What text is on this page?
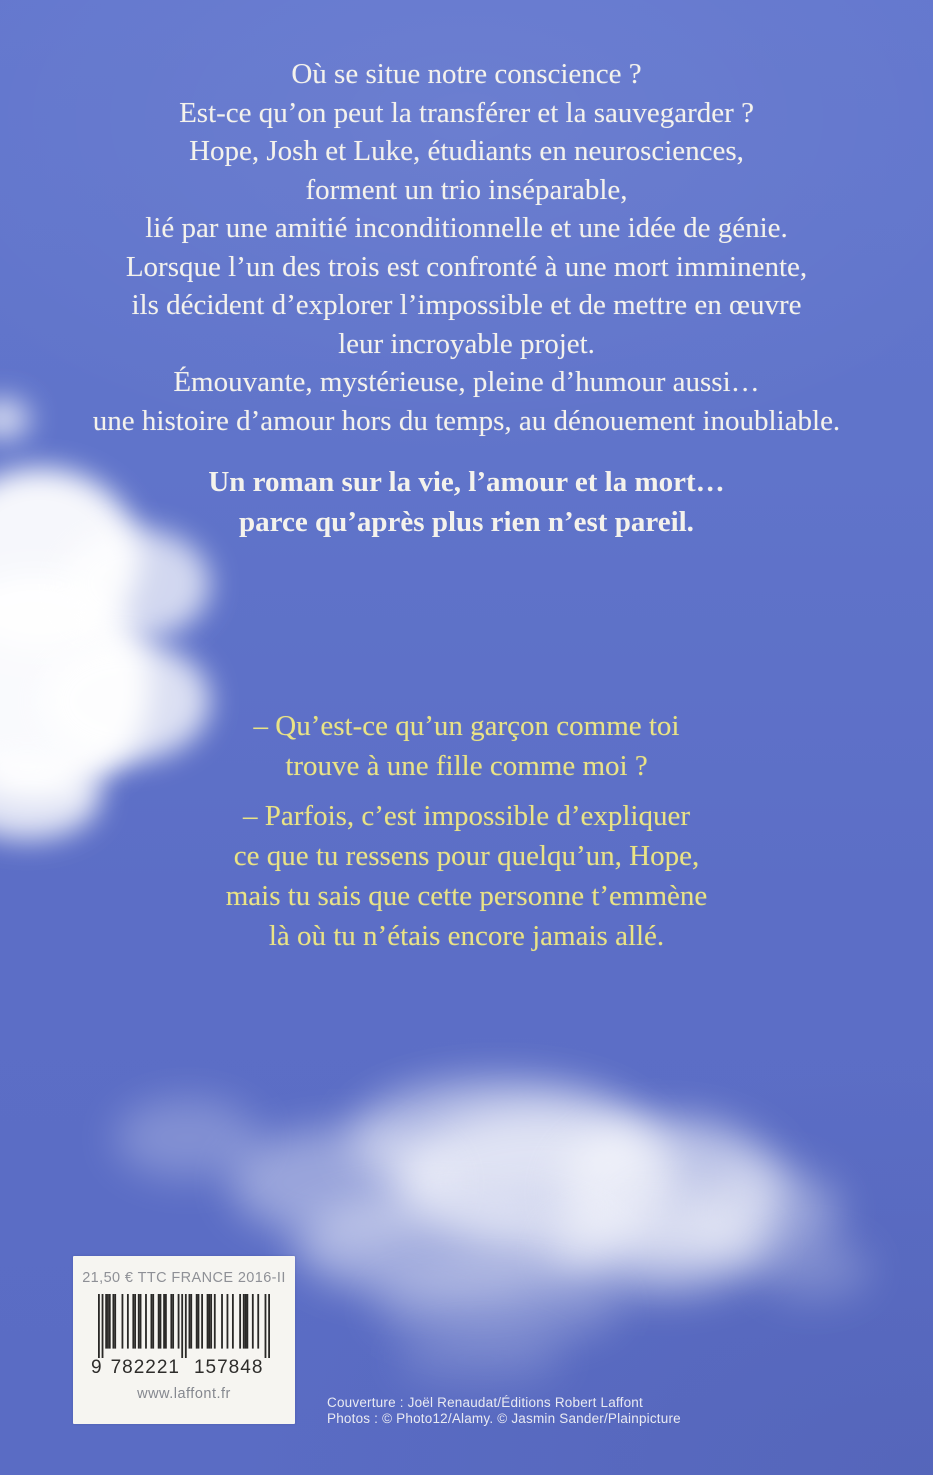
Où se situe notre conscience ?
Est-ce qu’on peut la transférer et la sauvegarder ?
Hope, Josh et Luke, étudiants en neurosciences,
forment un trio inséparable,
lié par une amitié inconditionnelle et une idée de génie.
Lorsque l’un des trois est confronté à une mort imminente,
ils décident d’explorer l’impossible et de mettre en œuvre
leur incroyable projet.
Émouvante, mystérieuse, pleine d’humour aussi…
une histoire d’amour hors du temps, au dénouement inoubliable.
Un roman sur la vie, l’amour et la mort…
parce qu’après plus rien n’est pareil.
– Qu’est-ce qu’un garçon comme toi
trouve à une fille comme moi ?
– Parfois, c’est impossible d’expliquer
ce que tu ressens pour quelqu’un, Hope,
mais tu sais que cette personne t’emmène
là où tu n’étais encore jamais allé.
21,50 € TTC FRANCE 2016-II
9 782221 157848
www.laffont.fr
Couverture : Joël Renaudat/Éditions Robert Laffont
Photos : © Photo12/Alamy. © Jasmin Sander/Plainpicture
